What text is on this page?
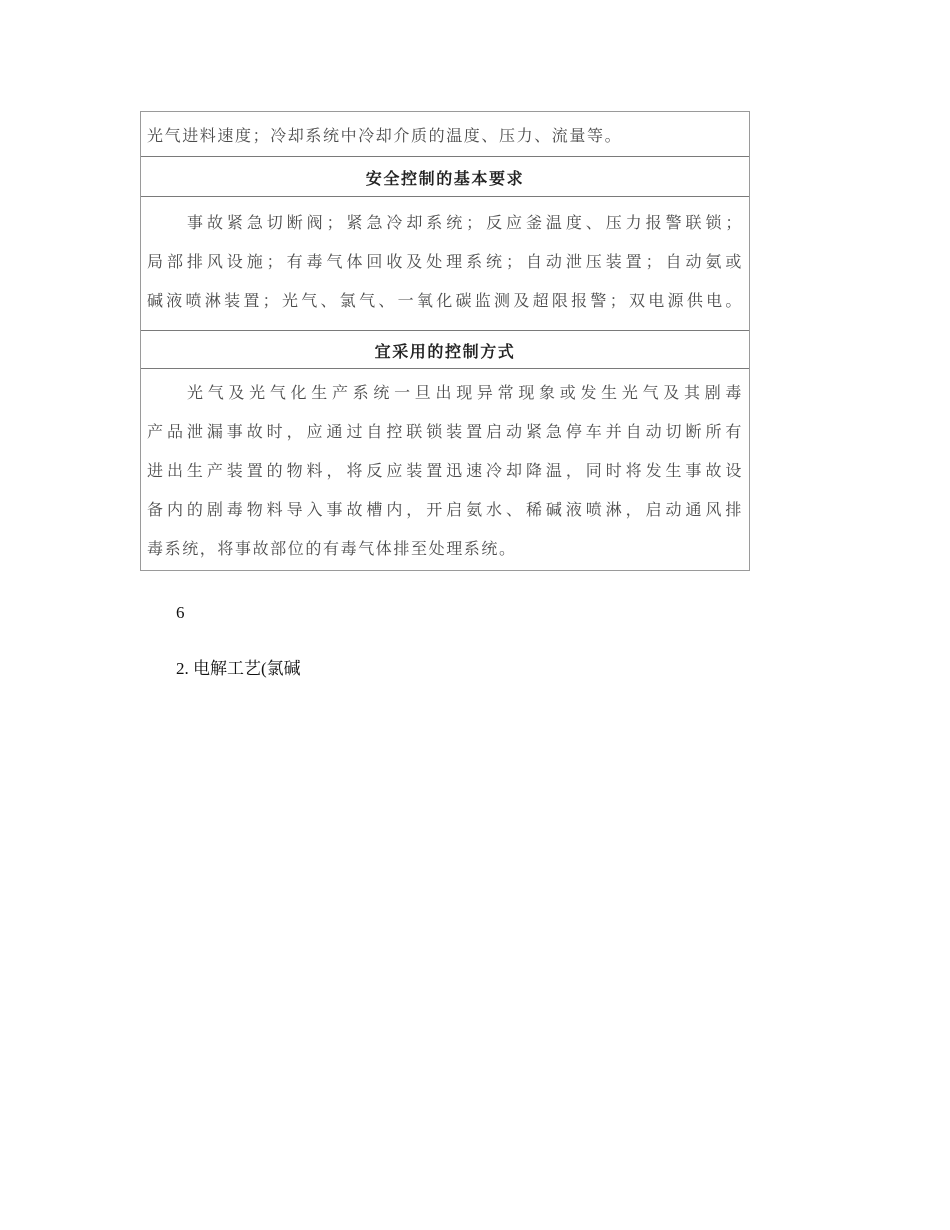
光气进料速度；冷却系统中冷却介质的温度、压力、流量等。
安全控制的基本要求
事故紧急切断阀；紧急冷却系统；反应釜温度、压力报警联锁；
局部排风设施；有毒气体回收及处理系统；自动泄压装置；自动氨或
碱液喷淋装置；光气、氯气、一氧化碳监测及超限报警；双电源供电。
宜采用的控制方式
光气及光气化生产系统一旦出现异常现象或发生光气及其剧毒
产品泄漏事故时，应通过自控联锁装置启动紧急停车并自动切断所有
进出生产装置的物料，将反应装置迅速冷却降温，同时将发生事故设
备内的剧毒物料导入事故槽内，开启氨水、稀碱液喷淋，启动通风排
毒系统，将事故部位的有毒气体排至处理系统。
6
2. 电解工艺(氯碱
